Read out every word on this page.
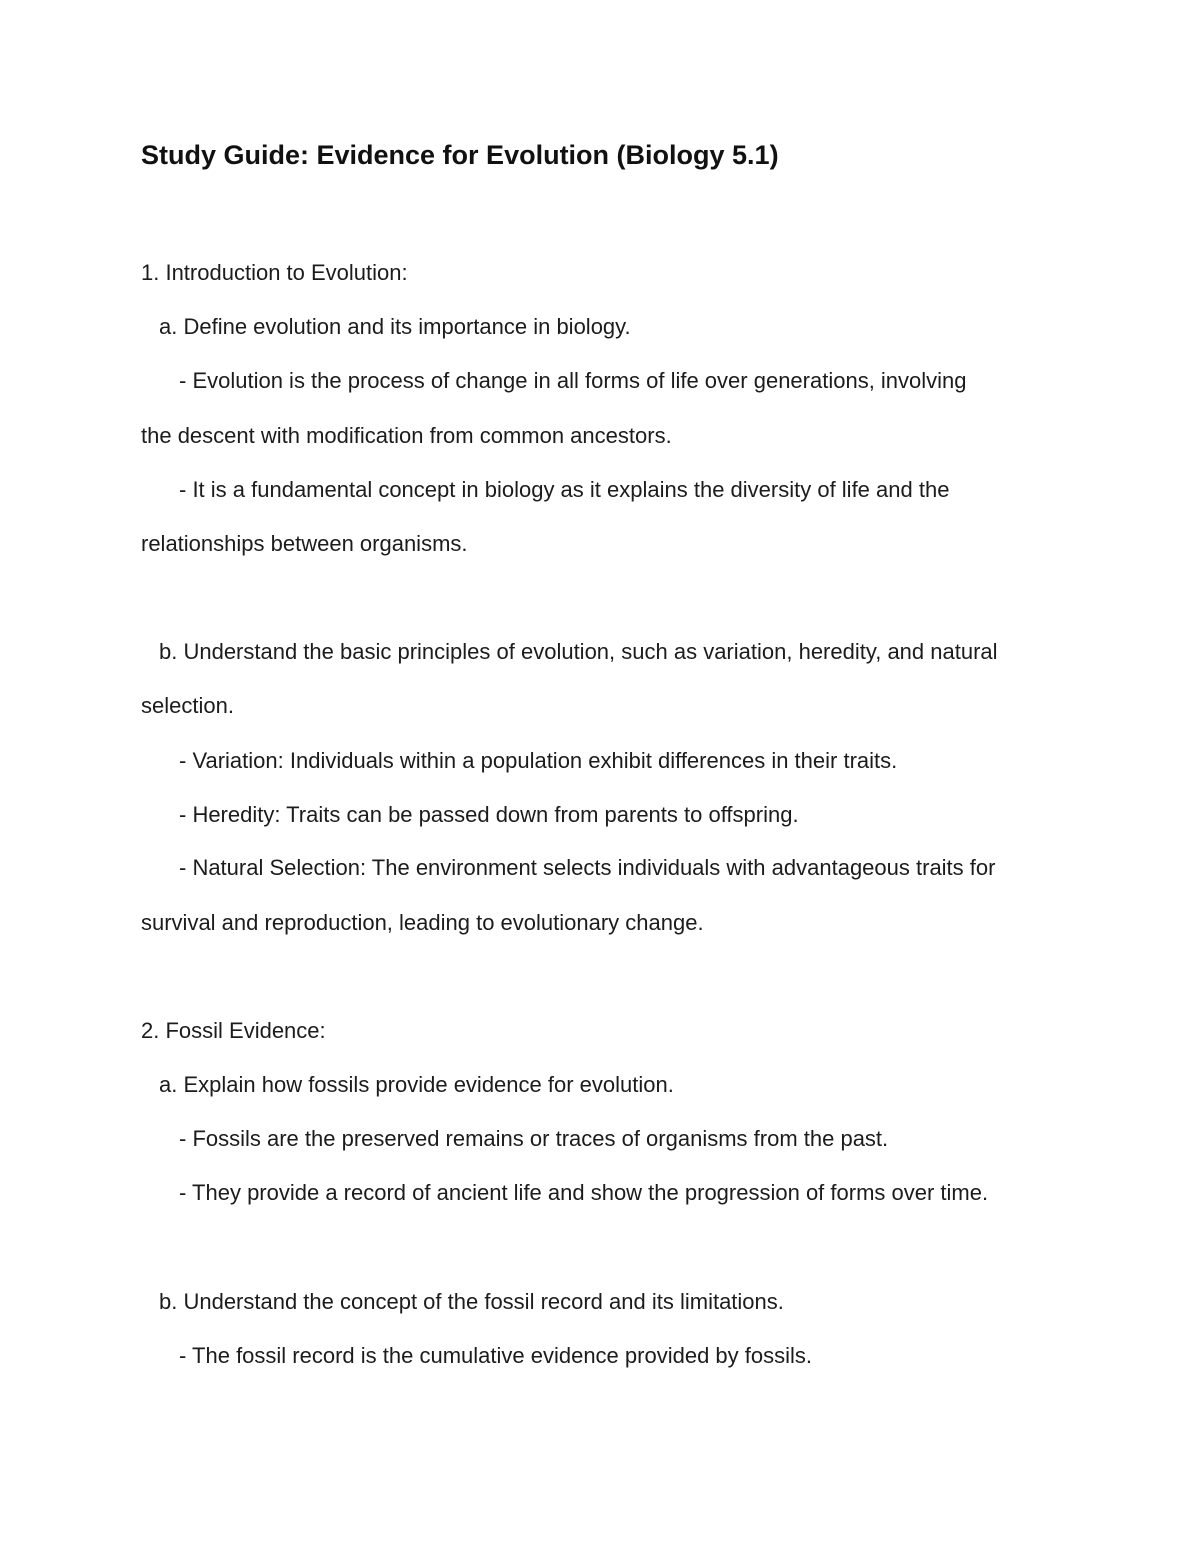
Study Guide: Evidence for Evolution (Biology 5.1)
1. Introduction to Evolution:
a. Define evolution and its importance in biology.
- Evolution is the process of change in all forms of life over generations, involving
the descent with modification from common ancestors.
- It is a fundamental concept in biology as it explains the diversity of life and the
relationships between organisms.
b. Understand the basic principles of evolution, such as variation, heredity, and natural
selection.
- Variation: Individuals within a population exhibit differences in their traits.
- Heredity: Traits can be passed down from parents to offspring.
- Natural Selection: The environment selects individuals with advantageous traits for
survival and reproduction, leading to evolutionary change.
2. Fossil Evidence:
a. Explain how fossils provide evidence for evolution.
- Fossils are the preserved remains or traces of organisms from the past.
- They provide a record of ancient life and show the progression of forms over time.
b. Understand the concept of the fossil record and its limitations.
- The fossil record is the cumulative evidence provided by fossils.
